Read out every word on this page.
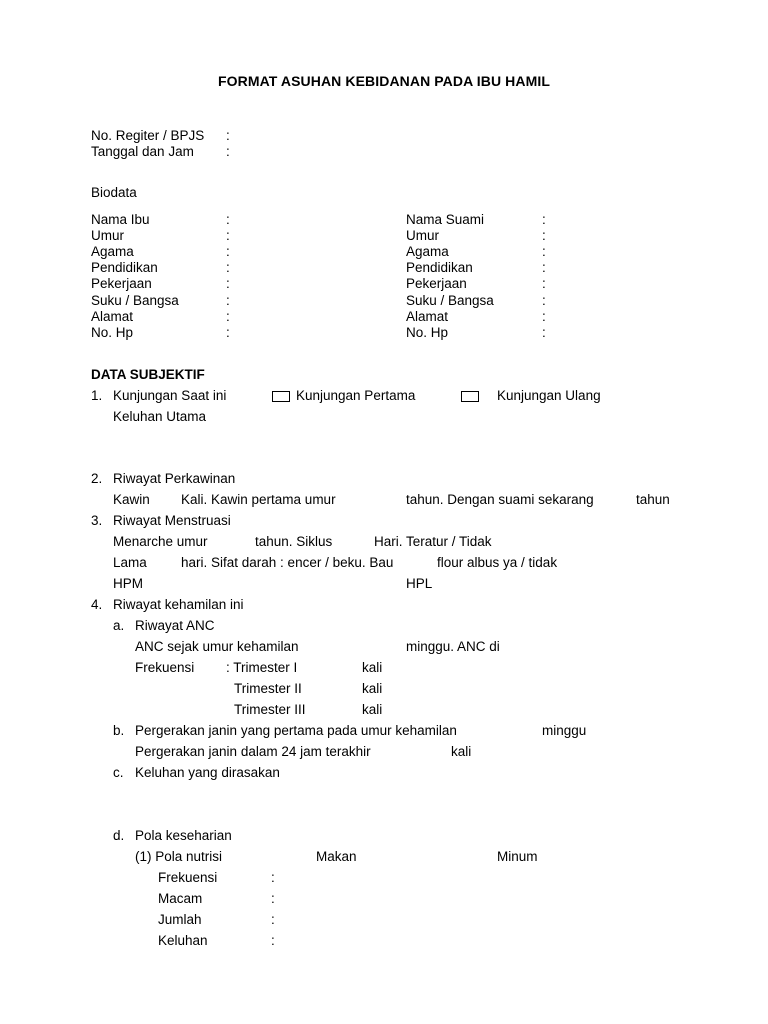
FORMAT ASUHAN KEBIDANAN PADA IBU HAMIL
No. Regiter / BPJS :
Tanggal dan Jam :
Biodata
Nama Ibu	:
Umur	:
Agama	:
Pendidikan	:
Pekerjaan	:
Suku / Bangsa	:
Alamat	:
No. Hp	:
Nama Suami	:
Umur	:
Agama	:
Pendidikan	:
Pekerjaan	:
Suku / Bangsa	:
Alamat	:
No. Hp	:
DATA SUBJEKTIF
1. Kunjungan Saat ini	Kunjungan Pertama	Kunjungan Ulang
Keluhan Utama
2. Riwayat Perkawinan
Kawin Kali. Kawin pertama umur	tahun. Dengan suami sekarang	tahun
3. Riwayat Menstruasi
Menarche umur	tahun. Siklus	Hari. Teratur / Tidak
Lama	hari. Sifat darah : encer / beku. Bau	flour albus ya / tidak
HPM	HPL
4. Riwayat kehamilan ini
a. Riwayat ANC
ANC sejak umur kehamilan	minggu. ANC di
Frekuensi : Trimester I	kali
Trimester II	kali
Trimester III	kali
b. Pergerakan janin yang pertama pada umur kehamilan	minggu
Pergerakan janin dalam 24 jam terakhir	kali
c. Keluhan yang dirasakan
d. Pola keseharian
(1) Pola nutrisi	Makan	Minum
Frekuensi	:
Macam	:
Jumlah	:
Keluhan	:
